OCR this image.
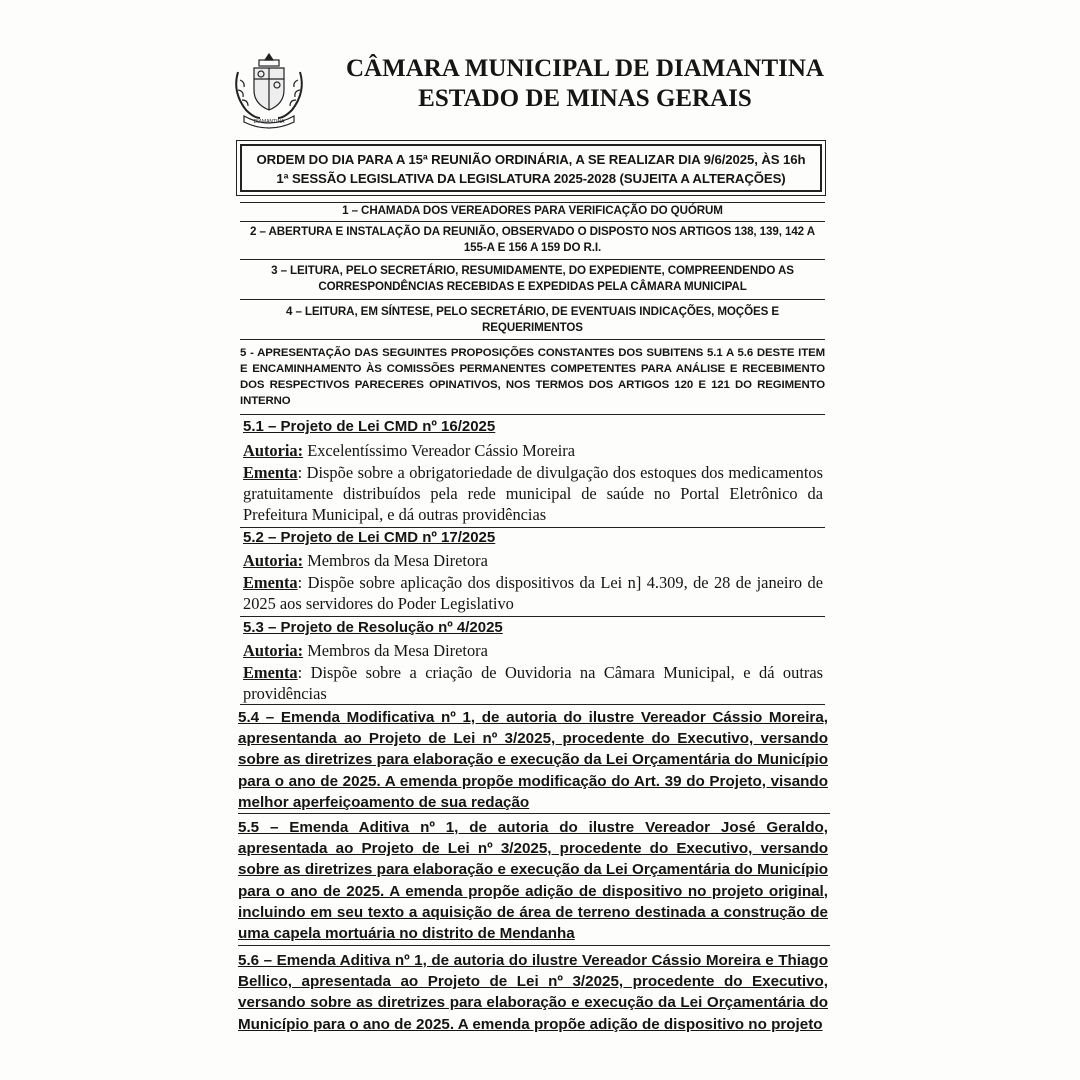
DIAMANTINA
CÂMARA MUNICIPAL DE DIAMANTINA
ESTADO DE MINAS GERAIS
ORDEM DO DIA PARA A 15ª REUNIÃO ORDINÁRIA, A SE REALIZAR DIA 9/6/2025, ÀS 16h
1ª SESSÃO LEGISLATIVA DA LEGISLATURA 2025-2028 (SUJEITA A ALTERAÇÕES)
1 – CHAMADA DOS VEREADORES PARA VERIFICAÇÃO DO QUÓRUM
2 – ABERTURA E INSTALAÇÃO DA REUNIÃO, OBSERVADO O DISPOSTO NOS ARTIGOS 138, 139, 142 A 155-A E 156 A 159 DO R.I.
3 – LEITURA, PELO SECRETÁRIO, RESUMIDAMENTE, DO EXPEDIENTE, COMPREENDENDO AS CORRESPONDÊNCIAS RECEBIDAS E EXPEDIDAS PELA CÂMARA MUNICIPAL
4 – LEITURA, EM SÍNTESE, PELO SECRETÁRIO, DE EVENTUAIS INDICAÇÕES, MOÇÕES E REQUERIMENTOS
5 - APRESENTAÇÃO DAS SEGUINTES PROPOSIÇÕES CONSTANTES DOS SUBITENS 5.1 A 5.6 DESTE ITEM E ENCAMINHAMENTO ÀS COMISSÕES PERMANENTES COMPETENTES PARA ANÁLISE E RECEBIMENTO DOS RESPECTIVOS PARECERES OPINATIVOS, NOS TERMOS DOS ARTIGOS 120 E 121 DO REGIMENTO INTERNO
5.1 – Projeto de Lei CMD nº 16/2025
Autoria: Excelentíssimo Vereador Cássio Moreira
Ementa: Dispõe sobre a obrigatoriedade de divulgação dos estoques dos medicamentos gratuitamente distribuídos pela rede municipal de saúde no Portal Eletrônico da Prefeitura Municipal, e dá outras providências
5.2 – Projeto de Lei CMD nº 17/2025
Autoria: Membros da Mesa Diretora
Ementa: Dispõe sobre aplicação dos dispositivos da Lei n] 4.309, de 28 de janeiro de 2025 aos servidores do Poder Legislativo
5.3 – Projeto de Resolução nº 4/2025
Autoria: Membros da Mesa Diretora
Ementa: Dispõe sobre a criação de Ouvidoria na Câmara Municipal, e dá outras providências
5.4 – Emenda Modificativa nº 1, de autoria do ilustre Vereador Cássio Moreira, apresentanda ao Projeto de Lei nº 3/2025, procedente do Executivo, versando sobre as diretrizes para elaboração e execução da Lei Orçamentária do Município para o ano de 2025. A emenda propõe modificação do Art. 39 do Projeto, visando melhor aperfeiçoamento de sua redação
5.5 – Emenda Aditiva nº 1, de autoria do ilustre Vereador José Geraldo, apresentada ao Projeto de Lei nº 3/2025, procedente do Executivo, versando sobre as diretrizes para elaboração e execução da Lei Orçamentária do Município para o ano de 2025. A emenda propõe adição de dispositivo no projeto original, incluindo em seu texto a aquisição de área de terreno destinada a construção de uma capela mortuária no distrito de Mendanha
5.6 – Emenda Aditiva nº 1, de autoria do ilustre Vereador Cássio Moreira e Thiago Bellico, apresentada ao Projeto de Lei nº 3/2025, procedente do Executivo, versando sobre as diretrizes para elaboração e execução da Lei Orçamentária do Município para o ano de 2025. A emenda propõe adição de dispositivo no projeto
